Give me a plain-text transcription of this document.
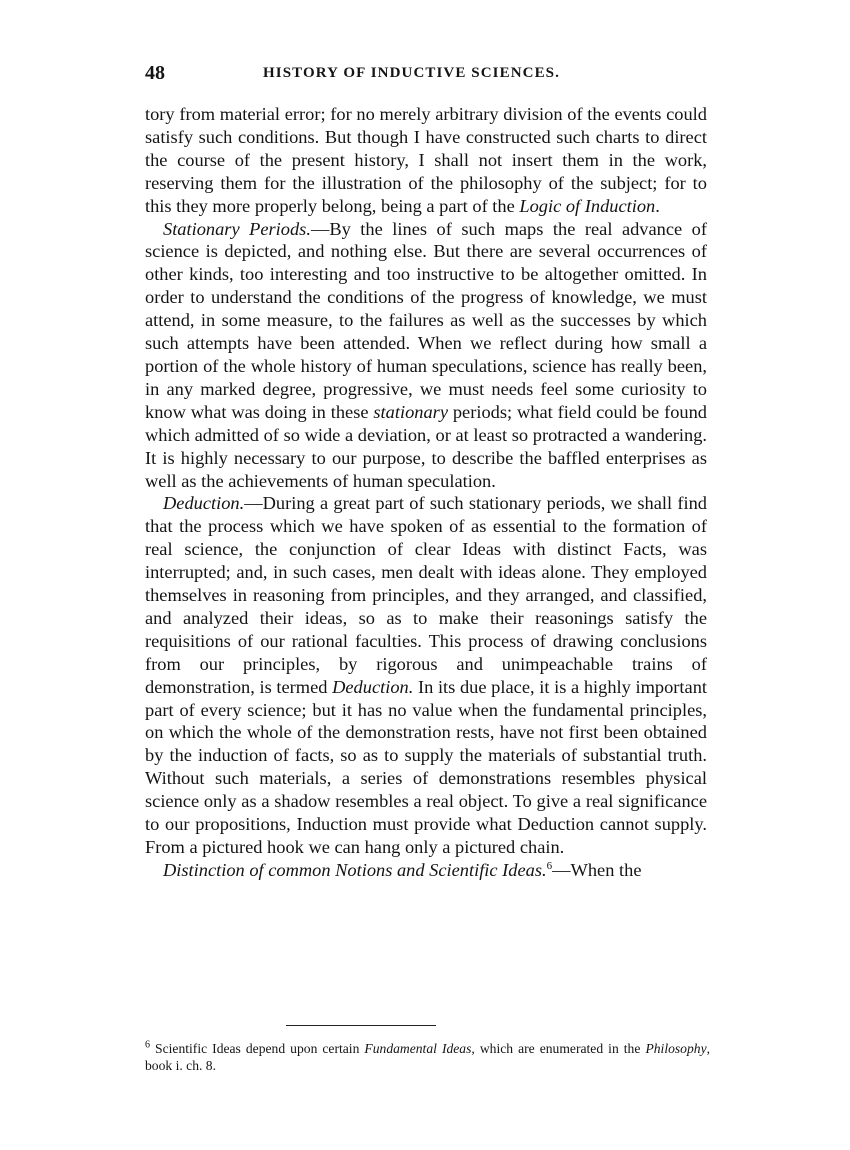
48	HISTORY OF INDUCTIVE SCIENCES.

tory from material error; for no merely arbitrary division of the events could satisfy such conditions. But though I have constructed such charts to direct the course of the present history, I shall not insert them in the work, reserving them for the illustration of the philosophy of the subject; for to this they more properly belong, being a part of the Logic of Induction.

Stationary Periods.—By the lines of such maps the real advance of science is depicted, and nothing else. But there are several occurrences of other kinds, too interesting and too instructive to be altogether omitted. In order to understand the conditions of the progress of knowledge, we must attend, in some measure, to the failures as well as the successes by which such attempts have been attended. When we reflect during how small a portion of the whole history of human speculations, science has really been, in any marked degree, progressive, we must needs feel some curiosity to know what was doing in these stationary periods; what field could be found which admitted of so wide a deviation, or at least so protracted a wandering. It is highly necessary to our purpose, to describe the baffled enterprises as well as the achievements of human speculation.

Deduction.—During a great part of such stationary periods, we shall find that the process which we have spoken of as essential to the formation of real science, the conjunction of clear Ideas with distinct Facts, was interrupted; and, in such cases, men dealt with ideas alone. They employed themselves in reasoning from principles, and they arranged, and classified, and analyzed their ideas, so as to make their reasonings satisfy the requisitions of our rational faculties. This process of drawing conclusions from our principles, by rigorous and unimpeachable trains of demonstration, is termed Deduction. In its due place, it is a highly important part of every science; but it has no value when the fundamental principles, on which the whole of the demonstration rests, have not first been obtained by the induction of facts, so as to supply the materials of substantial truth. Without such materials, a series of demonstrations resembles physical science only as a shadow resembles a real object. To give a real significance to our propositions, Induction must provide what Deduction cannot supply. From a pictured hook we can hang only a pictured chain.

Distinction of common Notions and Scientific Ideas.$^6$—When the

$^6$ Scientific Ideas depend upon certain Fundamental Ideas, which are enumerated in the Philosophy, book i. ch. 8.
